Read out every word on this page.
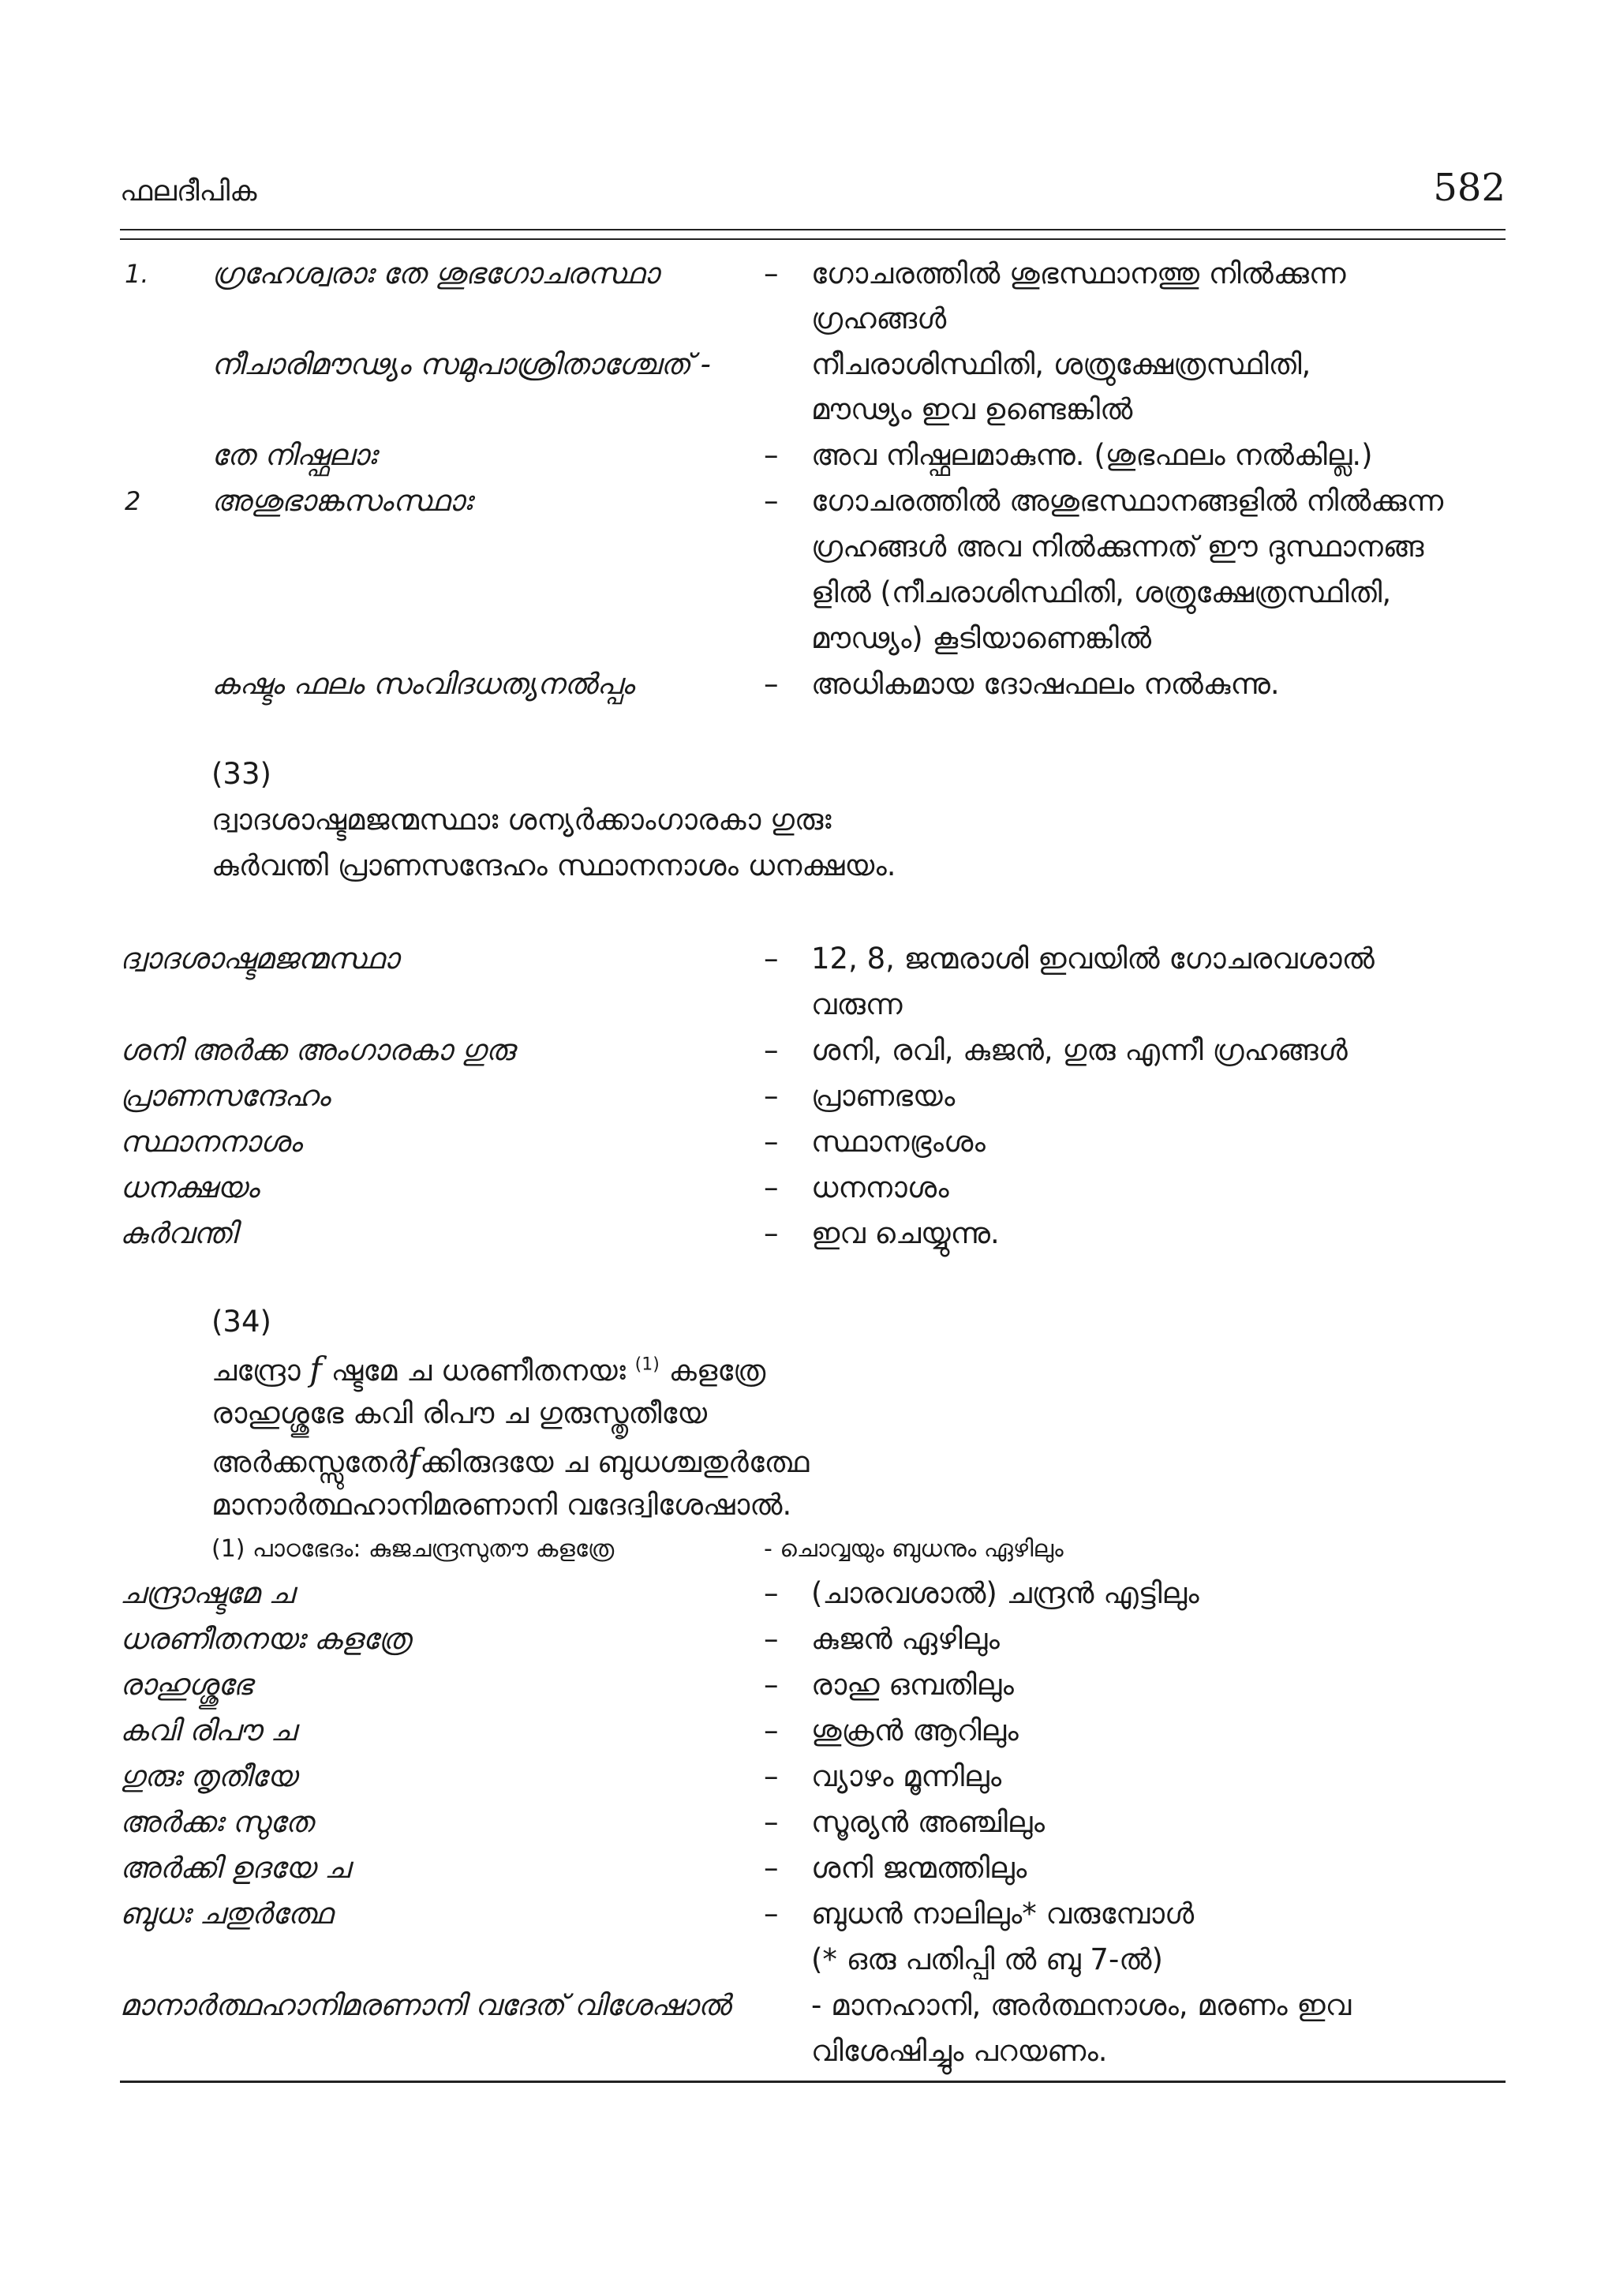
ഫലദീപിക	582
1. ഗ്രഹേശ്വരാഃ തേ ശുഭഗോചരസ്ഥാ	– ഗോചരത്തിൽ ശുഭസ്ഥാനത്തു നിൽക്കുന്ന
ഗ്രഹങ്ങൾ
നീചാരിമൗഢ്യം സമുപാശ്രിതാശ്ചേത് -	നീചരാശിസ്ഥിതി, ശത്രുക്ഷേത്രസ്ഥിതി,
മൗഢ്യം ഇവ ഉണ്ടെങ്കിൽ
തേ നിഷ്ഫലാഃ	– അവ നിഷ്ഫലമാകുന്നു. (ശുഭഫലം നൽകില്ല.)
2 അശുഭാങ്കസംസ്ഥാഃ	– ഗോചരത്തിൽ അശുഭസ്ഥാനങ്ങളിൽ നിൽക്കുന്ന
ഗ്രഹങ്ങൾ അവ നിൽക്കുന്നത് ഈ ദുസ്ഥാനങ്ങ
ളിൽ (നീചരാശിസ്ഥിതി, ശത്രുക്ഷേത്രസ്ഥിതി,
മൗഢ്യം) കൂടിയാണെങ്കിൽ
കഷ്ടം ഫലം സംവിദധത്യനൽപ്പം	– അധികമായ ദോഷഫലം നൽകുന്നു.
(33)
ദ്വാദശാഷ്ടമജന്മസ്ഥാഃ ശന്യർക്കാംഗാരകാ ഗുരുഃ
കുർവന്തി പ്രാണസന്ദേഹം സ്ഥാനനാശം ധനക്ഷയം.
ദ്വാദശാഷ്ടമജന്മസ്ഥാ	– 12, 8, ജന്മരാശി ഇവയിൽ ഗോചരവശാൽ
വരുന്ന
ശനി അർക്ക അംഗാരകാ ഗുരു	– ശനി, രവി, കുജൻ, ഗുരു എന്നീ ഗ്രഹങ്ങൾ
പ്രാണസന്ദേഹം	– പ്രാണഭയം
സ്ഥാനനാശം	– സ്ഥാനഭ്രംശം
ധനക്ഷയം	– ധനനാശം
കുർവന്തി	– ഇവ ചെയ്യുന്നു.
(34)
ചന്ദ്രോ f ഷ്ടമേ ച ധരണീതനയഃ $^{(1)}$ കളത്രേ
രാഹുശ്ശുഭേ കവി രിപൗ ച ഗുരുസ്തൃതീയേ
അർക്കസ്സുതേർfക്കിരുദയേ ച ബുധശ്ചതുർത്ഥേ
മാനാർത്ഥഹാനിമരണാനി വദേദ്വിശേഷാൽ.
(1) പാഠഭേദം: കുജചന്ദ്രസുതൗ കളത്രേ	- ചൊവ്വയും ബുധനും ഏഴിലും
ചന്ദ്രാഷ്ടമേ ച	– (ചാരവശാൽ) ചന്ദ്രൻ എട്ടിലും
ധരണീതനയഃ കളത്രേ	– കുജൻ ഏഴിലും
രാഹുശ്ശുഭേ	– രാഹു ഒമ്പതിലും
കവി രിപൗ ച	– ശുക്രൻ ആറിലും
ഗുരുഃ തൃതീയേ	– വ്യാഴം മൂന്നിലും
അർക്കഃ സുതേ	– സൂര്യൻ അഞ്ചിലും
അർക്കി ഉദയേ ച	– ശനി ജന്മത്തിലും
ബുധഃ ചതുർത്ഥേ	– ബുധൻ നാലിലും* വരുമ്പോൾ
(* ഒരു പതിപ്പി ൽ ബു 7-ൽ)
മാനാർത്ഥഹാനിമരണാനി വദേത് വിശേഷാൽ	- മാനഹാനി, അർത്ഥനാശം, മരണം ഇവ
വിശേഷിച്ചും പറയണം.
